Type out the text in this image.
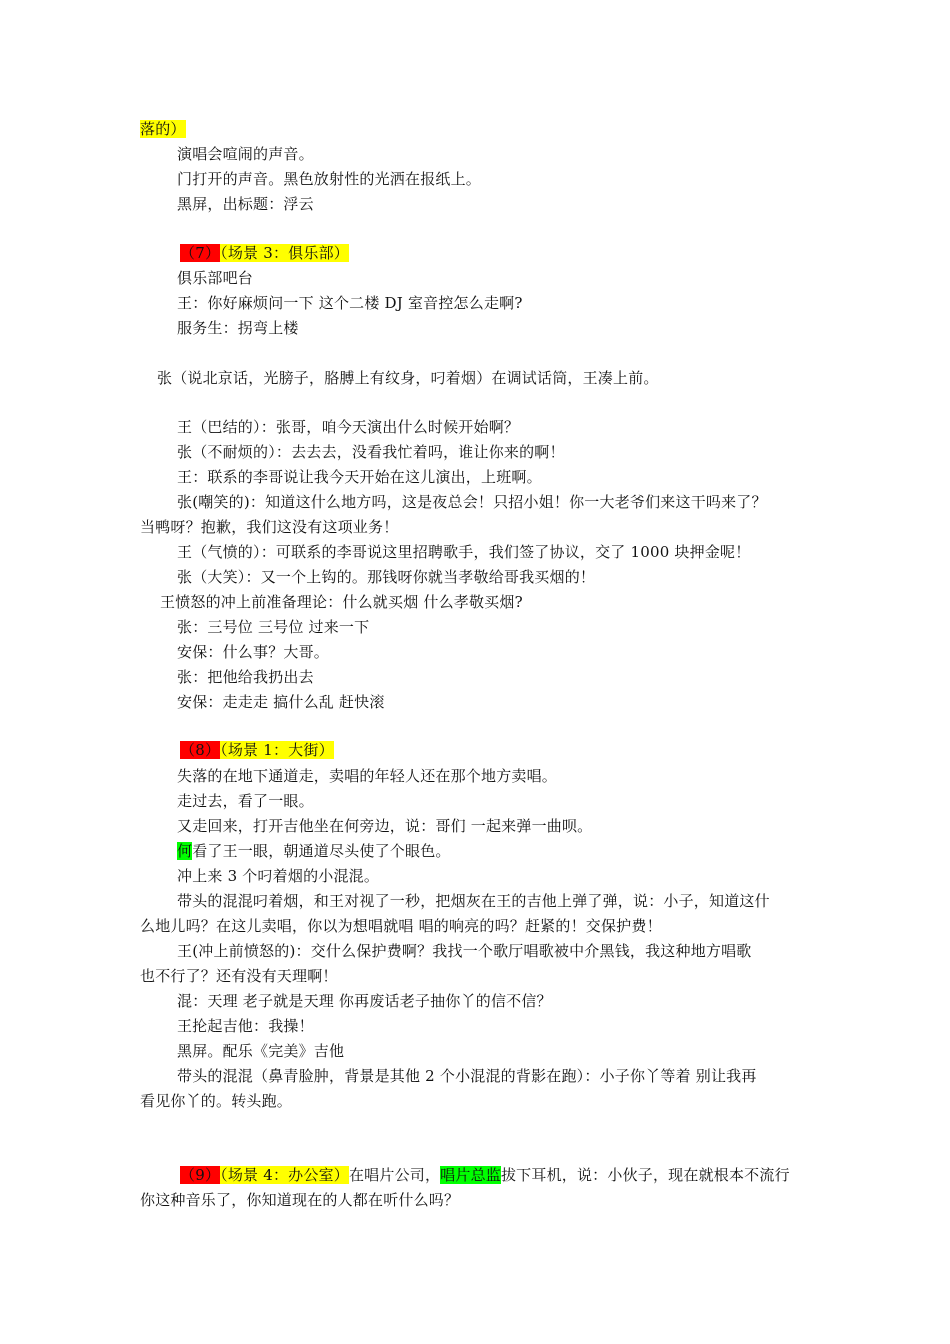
落的）
演唱会喧闹的声音。
门打开的声音。黑色放射性的光洒在报纸上。
黑屏，出标题：浮云
（7）（场景 3：俱乐部）
俱乐部吧台
王：你好麻烦问一下 这个二楼 DJ 室音控怎么走啊?
服务生：拐弯上楼
张（说北京话，光膀子，胳膊上有纹身，叼着烟）在调试话筒，王凑上前。
王（巴结的）：张哥，咱今天演出什么时候开始啊？
张（不耐烦的）：去去去，没看我忙着吗，谁让你来的啊！
王：联系的李哥说让我今天开始在这儿演出，上班啊。
张(嘲笑的)：知道这什么地方吗，这是夜总会！只招小姐！你一大老爷们来这干吗来了？
当鸭呀？抱歉，我们这没有这项业务！
王（气愤的）：可联系的李哥说这里招聘歌手，我们签了协议，交了 1000 块押金呢！
张（大笑）：又一个上钩的。那钱呀你就当孝敬给哥我买烟的！
王愤怒的冲上前准备理论：什么就买烟 什么孝敬买烟?
张：三号位 三号位 过来一下
安保：什么事？大哥。
张：把他给我扔出去
安保：走走走 搞什么乱 赶快滚
（8）（场景 1：大街）
失落的在地下通道走，卖唱的年轻人还在那个地方卖唱。
走过去，看了一眼。
又走回来，打开吉他坐在何旁边，说：哥们 一起来弹一曲呗。
何看了王一眼，朝通道尽头使了个眼色。
冲上来 3 个叼着烟的小混混。
带头的混混叼着烟，和王对视了一秒，把烟灰在王的吉他上弹了弹，说：小子，知道这什
么地儿吗？在这儿卖唱，你以为想唱就唱 唱的响亮的吗？赶紧的！交保护费！
王(冲上前愤怒的)：交什么保护费啊？我找一个歌厅唱歌被中介黑钱，我这种地方唱歌
也不行了？还有没有天理啊！
混：天理 老子就是天理 你再废话老子抽你丫的信不信？
王抡起吉他：我操！
黑屏。配乐《完美》吉他
带头的混混（鼻青脸肿，背景是其他 2 个小混混的背影在跑）：小子你丫等着 别让我再
看见你丫的。转头跑。
（9）（场景 4：办公室）在唱片公司，唱片总监拔下耳机，说：小伙子，现在就根本不流行
你这种音乐了，你知道现在的人都在听什么吗？
